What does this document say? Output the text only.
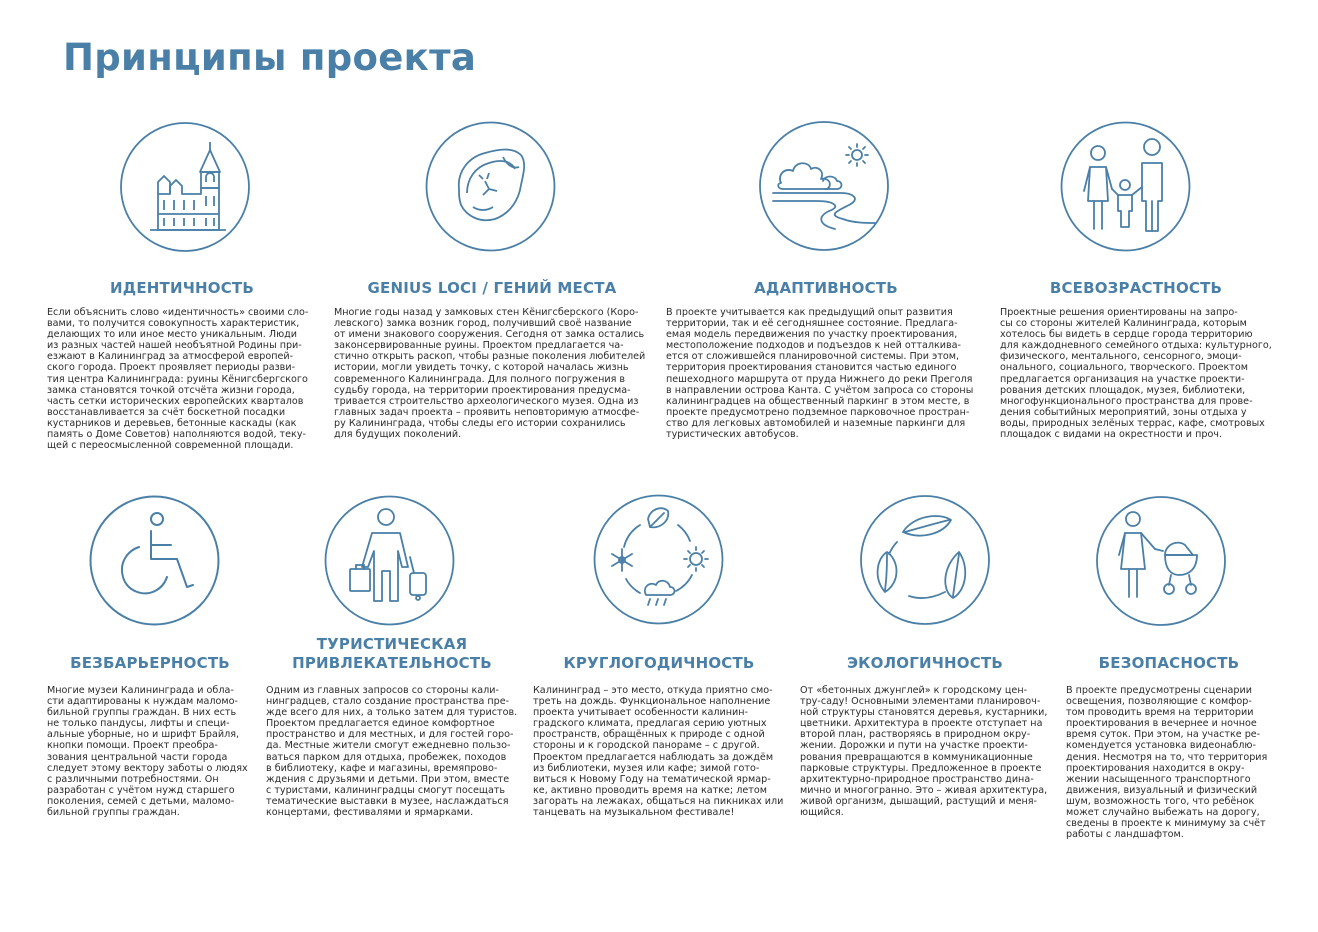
Принципы проекта
ИДЕНТИЧНОСТЬ	GENIUS LOCI / ГЕНИЙ МЕСТА	АДАПТИВНОСТЬ	ВСЕВОЗРАСТНОСТЬ

Если объяснить слово «идентичность» своими сло-
вами, то получится совокупность характеристик,
делающих то или иное место уникальным. Люди
из разных частей нашей необъятной Родины при-
езжают в Калининград за атмосферой европей-
ского города. Проект проявляет периоды разви-
тия центра Калининграда: руины Кёнигсбергского
замка становятся точкой отсчёта жизни города,
часть сетки исторических европейских кварталов
восстанавливается за счёт боскетной посадки
кустарников и деревьев, бетонные каскады (как
память о Доме Советов) наполняются водой, теку-
щей с переосмысленной современной площади.

Многие годы назад у замковых стен Кёнигсберского (Коро-
левского) замка возник город, получивший своё название
от имени знакового сооружения. Сегодня от замка остались
законсервированные руины. Проектом предлагается ча-
стично открыть раскоп, чтобы разные поколения любителей
истории, могли увидеть точку, с которой началась жизнь
современного Калининграда. Для полного погружения в
судьбу города, на территории проектирования предусма-
тривается строительство археологического музея. Одна из
главных задач проекта – проявить неповторимую атмосфе-
ру Калининграда, чтобы следы его истории сохранились
для будущих поколений.

В проекте учитывается как предыдущий опыт развития
территории, так и её сегодняшнее состояние. Предлага-
емая модель передвижения по участку проектирования,
местоположение подходов и подъездов к ней отталкива-
ется от сложившейся планировочной системы. При этом,
территория проектирования становится частью единого
пешеходного маршрута от пруда Нижнего до реки Преголя
в направлении острова Канта. С учётом запроса со стороны
калининградцев на общественный паркинг в этом месте, в
проекте предусмотрено подземное парковочное простран-
ство для легковых автомобилей и наземные паркинги для
туристических автобусов.

Проектные решения ориентированы на запро-
сы со стороны жителей Калининграда, которым
хотелось бы видеть в сердце города территорию
для каждодневного семейного отдыха: культурного,
физического, ментального, сенсорного, эмоци-
онального, социального, творческого. Проектом
предлагается организация на участке проекти-
рования детских площадок, музея, библиотеки,
многофункционального пространства для прове-
дения событийных мероприятий, зоны отдыха у
воды, природных зелёных террас, кафе, смотровых
площадок с видами на окрестности и проч.

БЕЗБАРЬЕРНОСТЬ
ТУРИСТИЧЕСКАЯ
ПРИВЛЕКАТЕЛЬНОСТЬ	КРУГЛОГОДИЧНОСТЬ	ЭКОЛОГИЧНОСТЬ	БЕЗОПАСНОСТЬ

Многие музеи Калининграда и обла-
сти адаптированы к нуждам маломо-
бильной группы граждан. В них есть
не только пандусы, лифты и специ-
альные уборные, но и шрифт Брайля,
кнопки помощи. Проект преобра-
зования центральной части города
следует этому вектору заботы о людях
с различными потребностями. Он
разработан с учётом нужд старшего
поколения, семей с детьми, маломо-
бильной группы граждан.

Одним из главных запросов со стороны кали-
нинградцев, стало создание пространства пре-
жде всего для них, а только затем для туристов.
Проектом предлагается единое комфортное
пространство и для местных, и для гостей горо-
да. Местные жители смогут ежедневно пользо-
ваться парком для отдыха, пробежек, походов
в библиотеку, кафе и магазины, времяпрово-
ждения с друзьями и детьми. При этом, вместе
с туристами, калининградцы смогут посещать
тематические выставки в музее, наслаждаться
концертами, фестивалями и ярмарками.

Калининград – это место, откуда приятно смо-
треть на дождь. Функциональное наполнение
проекта учитывает особенности калинин-
градского климата, предлагая серию уютных
пространств, обращённых к природе с одной
стороны и к городской панораме – с другой.
Проектом предлагается наблюдать за дождём
из библиотеки, музея или кафе; зимой гото-
виться к Новому Году на тематической ярмар-
ке, активно проводить время на катке; летом
загорать на лежаках, общаться на пикниках или
танцевать на музыкальном фестивале!

От «бетонных джунглей» к городскому цен-
тру-саду! Основными элементами планировоч-
ной структуры становятся деревья, кустарники,
цветники. Архитектура в проекте отступает на
второй план, растворяясь в природном окру-
жении. Дорожки и пути на участке проекти-
рования превращаются в коммуникационные
парковые структуры. Предложенное в проекте
архитектурно-природное пространство дина-
мично и многогранно. Это – живая архитектура,
живой организм, дышащий, растущий и меня-
ющийся.

В проекте предусмотрены сценарии
освещения, позволяющие с комфор-
том проводить время на территории
проектирования в вечернее и ночное
время суток. При этом, на участке ре-
комендуется установка видеонаблю-
дения. Несмотря на то, что территория
проектирования находится в окру-
жении насыщенного транспортного
движения, визуальный и физический
шум, возможность того, что ребёнок
может случайно выбежать на дорогу,
сведены в проекте к минимуму за счёт
работы с ландшафтом.
